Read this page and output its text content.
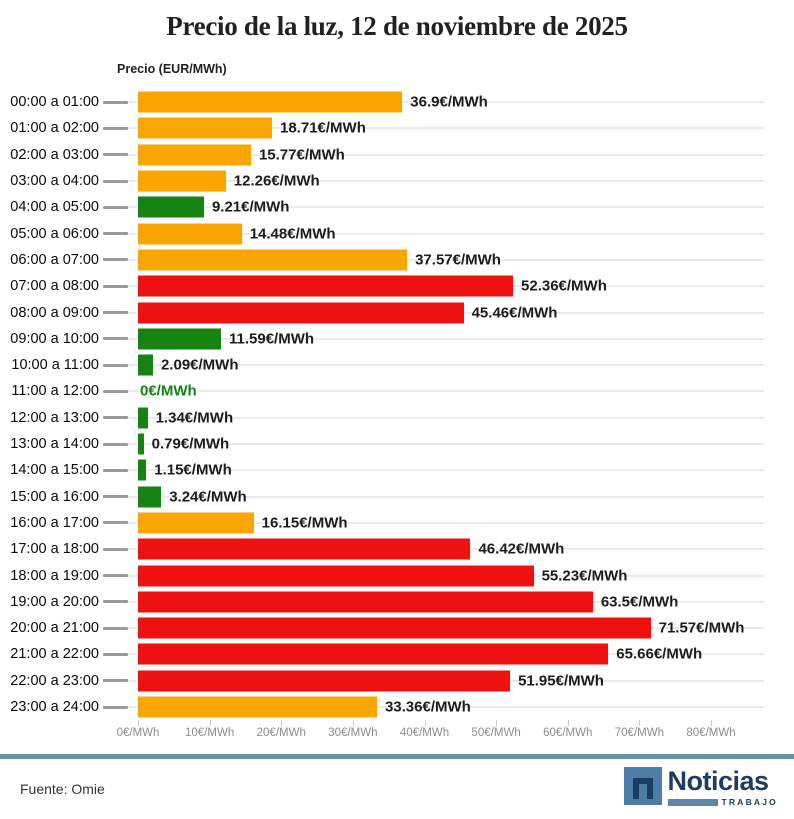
Precio de la luz, 12 de noviembre de 2025
Precio (EUR/MWh)
00:00 a 01:00	36.9€/MWh
01:00 a 02:00	18.71€/MWh
02:00 a 03:00	15.77€/MWh
03:00 a 04:00	12.26€/MWh
04:00 a 05:00	9.21€/MWh
05:00 a 06:00	14.48€/MWh
06:00 a 07:00	37.57€/MWh
07:00 a 08:00	52.36€/MWh
08:00 a 09:00	45.46€/MWh
09:00 a 10:00	11.59€/MWh
10:00 a 11:00	2.09€/MWh
11:00 a 12:00	0€/MWh
12:00 a 13:00	1.34€/MWh
13:00 a 14:00	0.79€/MWh
14:00 a 15:00	1.15€/MWh
15:00 a 16:00	3.24€/MWh
16:00 a 17:00	16.15€/MWh
17:00 a 18:00	46.42€/MWh
18:00 a 19:00	55.23€/MWh
19:00 a 20:00	63.5€/MWh
20:00 a 21:00	71.57€/MWh
21:00 a 22:00	65.66€/MWh
22:00 a 23:00	51.95€/MWh
23:00 a 24:00	33.36€/MWh
0€/MWh 10€/MWh 20€/MWh 30€/MWh 40€/MWh 50€/MWh 60€/MWh 70€/MWh 80€/MWh
Fuente: Omie	Noticias
TRABAJO
